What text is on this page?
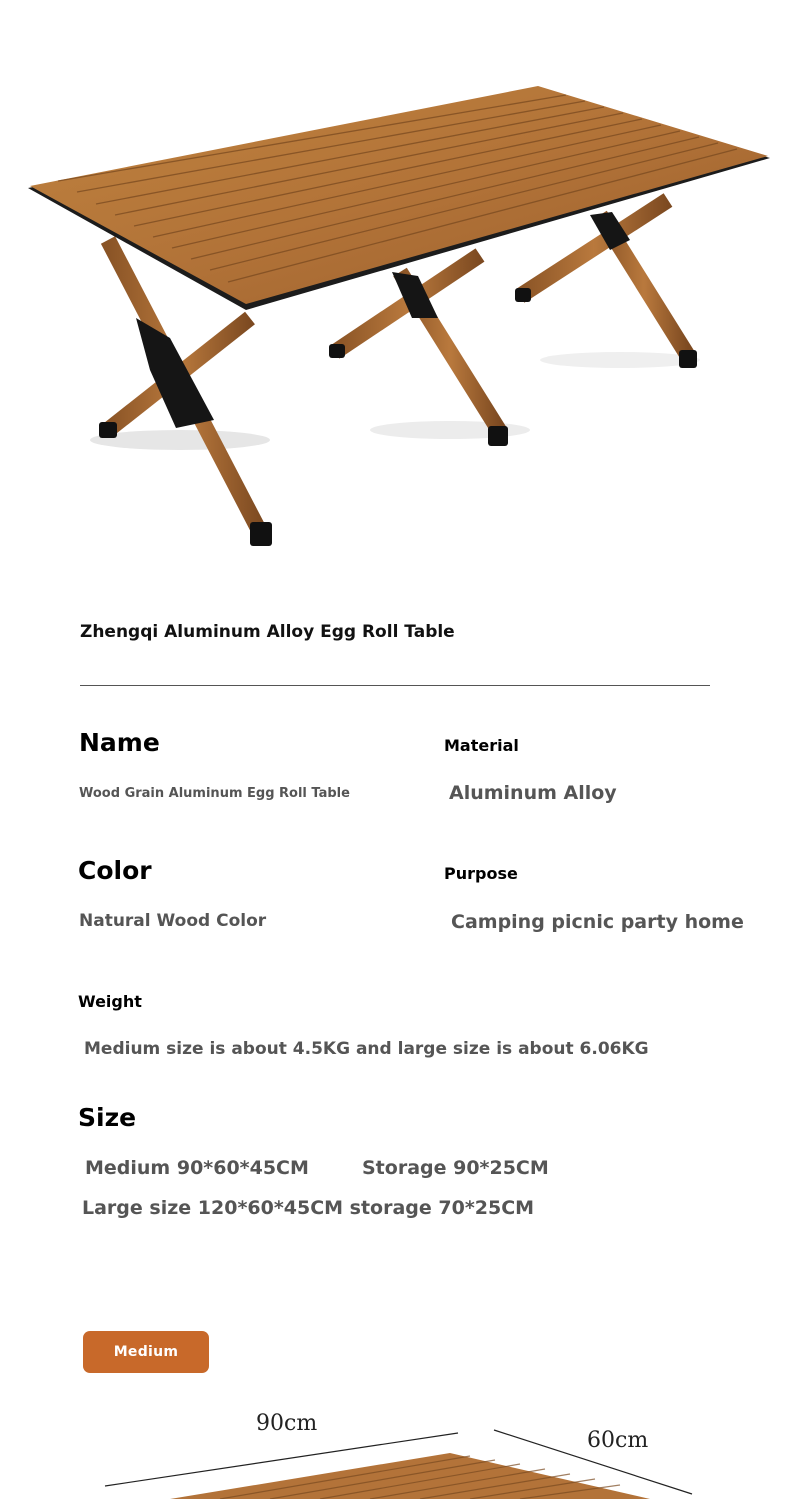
Zhengqi Aluminum Alloy Egg Roll Table
Name
Wood Grain Aluminum Egg Roll Table
Material
Aluminum Alloy
Color
Natural Wood Color
Purpose
Camping picnic party home
Weight
Medium size is about 4.5KG and large size is about 6.06KG
Size
Medium 90*60*45CM	Storage 90*25CM
Large size 120*60*45CM storage 70*25CM
Medium
90cm
60cm
